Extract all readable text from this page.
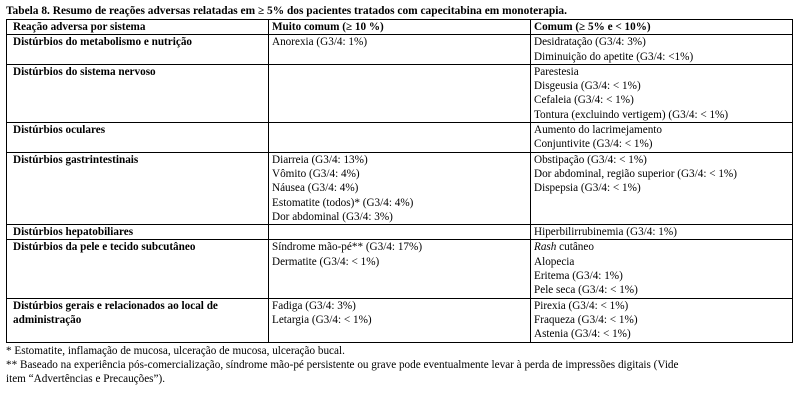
Tabela 8. Resumo de reações adversas relatadas em ≥ 5% dos pacientes tratados com capecitabina em monoterapia.
Reação adversa por sistema	Muito comum (≥ 10 %)	Comum (≥ 5% e < 10%)

Distúrbios do metabolismo e nutrição	Anorexia (G3/4: 1%)	Desidratação (G3/4: 3%)
Diminuição do apetite (G3/4: <1%)

Distúrbios do sistema nervoso		Parestesia
Disgeusia (G3/4: < 1%)
Cefaleia (G3/4: < 1%)
Tontura (excluindo vertigem) (G3/4: < 1%)

Distúrbios oculares		Aumento do lacrimejamento
Conjuntivite (G3/4: < 1%)

Distúrbios gastrintestinais	Diarreia (G3/4: 13%)
Vômito (G3/4: 4%)
Náusea (G3/4: 4%)
Estomatite (todos)* (G3/4: 4%)
Dor abdominal (G3/4: 3%)	Obstipação (G3/4: < 1%)
Dor abdominal, região superior (G3/4: < 1%)
Dispepsia (G3/4: < 1%)

Distúrbios hepatobiliares		Hiperbilirrubinemia (G3/4: 1%)

Distúrbios da pele e tecido subcutâneo	Síndrome mão-pé** (G3/4: 17%)
Dermatite (G3/4: < 1%)	Rash cutâneo
Alopecia
Eritema (G3/4: 1%)
Pele seca (G3/4: < 1%)

Distúrbios gerais e relacionados ao local de
administração	Fadiga (G3/4: 3%)
Letargia (G3/4: < 1%)	Pirexia (G3/4: < 1%)
Fraqueza (G3/4: < 1%)
Astenia (G3/4: < 1%)
* Estomatite, inflamação de mucosa, ulceração de mucosa, ulceração bucal.
** Baseado na experiência pós-comercialização, síndrome mão-pé persistente ou grave pode eventualmente levar à perda de impressões digitais (Vide
item “Advertências e Precauções”).
